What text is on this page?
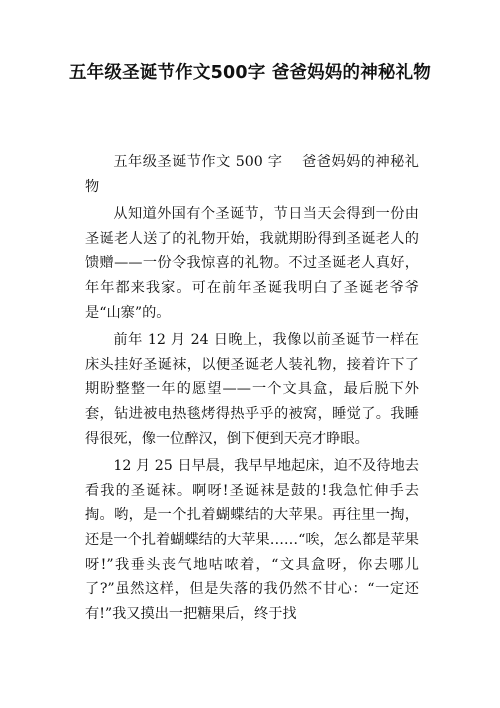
五年级圣诞节作文500字 爸爸妈妈的神秘礼物

五年级圣诞节作文 500 字　 爸爸妈妈的神秘礼物

从知道外国有个圣诞节，节日当天会得到一份由圣诞老人送了的礼物开始，我就期盼得到圣诞老人的馈赠——一份令我惊喜的礼物。不过圣诞老人真好，年年都来我家。可在前年圣诞我明白了圣诞老爷爷是“山寨”的。

前年 12 月 24 日晚上，我像以前圣诞节一样在床头挂好圣诞袜，以便圣诞老人装礼物，接着许下了期盼整整一年的愿望——一个文具盒，最后脱下外套，钻进被电热毯烤得热乎乎的被窝，睡觉了。我睡得很死，像一位醉汉，倒下便到天亮才睁眼。

12 月 25 日早晨，我早早地起床，迫不及待地去看我的圣诞袜。啊呀!圣诞袜是鼓的!我急忙伸手去掏。哟，是一个扎着蝴蝶结的大苹果。再往里一掏，还是一个扎着蝴蝶结的大苹果……“唉，怎么都是苹果呀!”我垂头丧气地咕哝着，“文具盒呀，你去哪儿了?”虽然这样，但是失落的我仍然不甘心：“一定还有!”我又摸出一把糖果后，终于找
